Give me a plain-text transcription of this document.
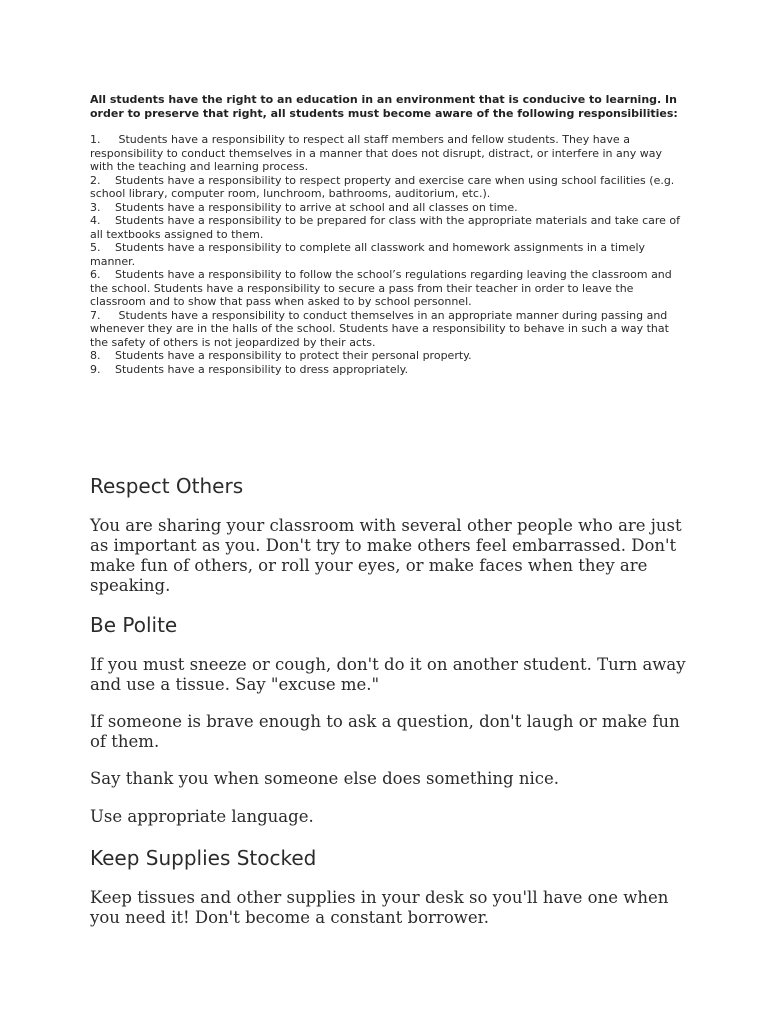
All students have the right to an education in an environment that is conducive to learning. In order to preserve that right, all students must become aware of the following responsibilities:

1. Students have a responsibility to respect all staff members and fellow students. They have a responsibility to conduct themselves in a manner that does not disrupt, distract, or interfere in any way with the teaching and learning process.
2. Students have a responsibility to respect property and exercise care when using school facilities (e.g. school library, computer room, lunchroom, bathrooms, auditorium, etc.).
3. Students have a responsibility to arrive at school and all classes on time.
4. Students have a responsibility to be prepared for class with the appropriate materials and take care of all textbooks assigned to them.
5. Students have a responsibility to complete all classwork and homework assignments in a timely manner.
6. Students have a responsibility to follow the school’s regulations regarding leaving the classroom and the school. Students have a responsibility to secure a pass from their teacher in order to leave the classroom and to show that pass when asked to by school personnel.
7. Students have a responsibility to conduct themselves in an appropriate manner during passing and whenever they are in the halls of the school. Students have a responsibility to behave in such a way that the safety of others is not jeopardized by their acts.
8. Students have a responsibility to protect their personal property.
9. Students have a responsibility to dress appropriately.
Respect Others

You are sharing your classroom with several other people who are just as important as you. Don't try to make others feel embarrassed. Don't make fun of others, or roll your eyes, or make faces when they are speaking.

Be Polite

If you must sneeze or cough, don't do it on another student. Turn away and use a tissue. Say "excuse me."

If someone is brave enough to ask a question, don't laugh or make fun of them.

Say thank you when someone else does something nice.

Use appropriate language.

Keep Supplies Stocked

Keep tissues and other supplies in your desk so you'll have one when you need it! Don't become a constant borrower.
